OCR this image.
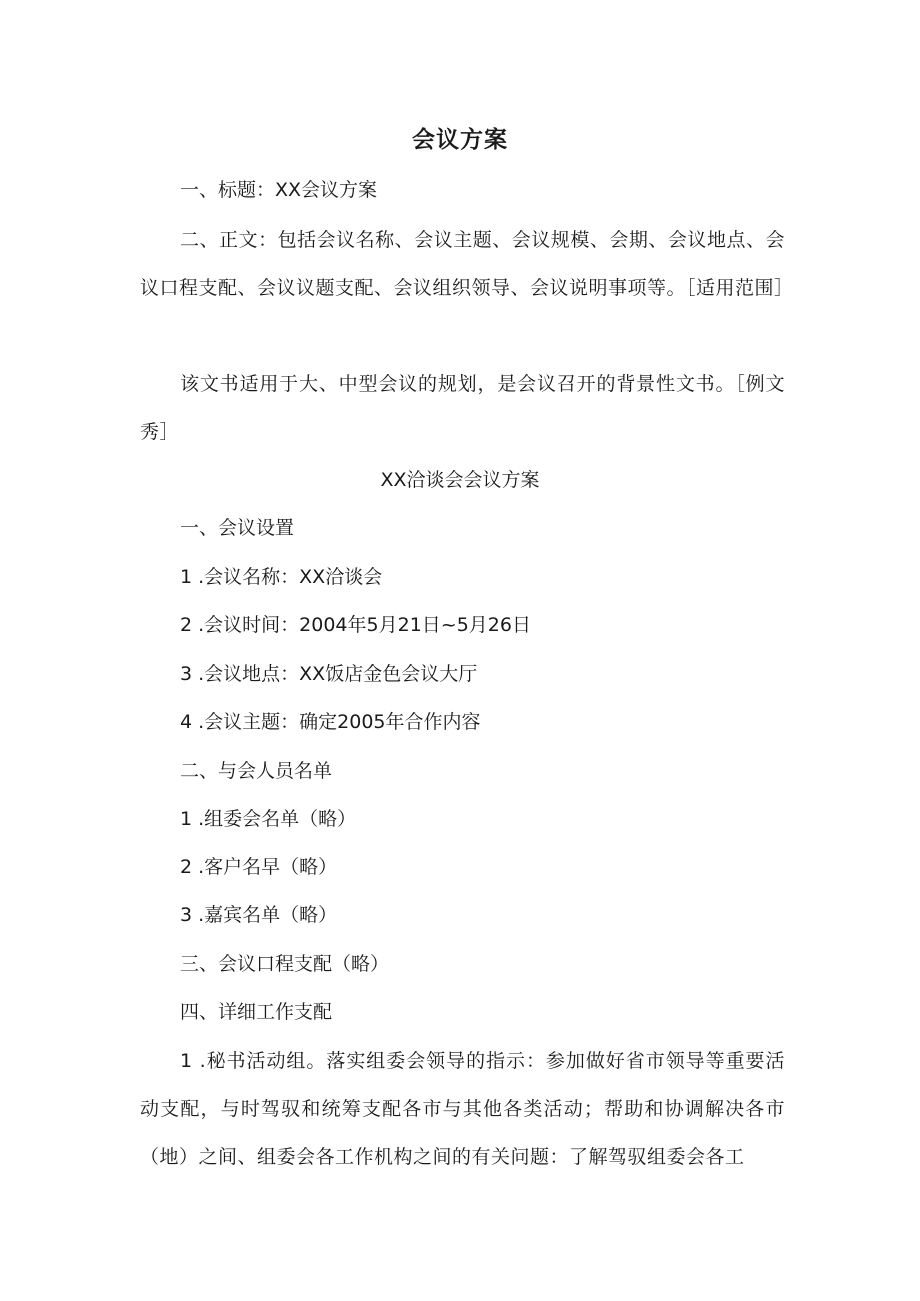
会议方案
一、标题：XX会议方案
二、正文：包括会议名称、会议主题、会议规模、会期、会议地点、会议口程支配、会议议题支配、会议组织领导、会议说明事项等。［适用范围］
该文书适用于大、中型会议的规划，是会议召开的背景性文书。［例文秀］
XX洽谈会会议方案
一、会议设置
1 .会议名称：XX洽谈会
2 .会议时间：2004年5月21日~5月26日
3 .会议地点：XX饭店金色会议大厅
4 .会议主题：确定2005年合作内容
二、与会人员名单
1 .组委会名单（略）
2 .客户名早（略）
3 .嘉宾名单（略）
三、会议口程支配（略）
四、详细工作支配
1 .秘书活动组。落实组委会领导的指示：参加做好省市领导等重要活动支配，与时驾驭和统筹支配各市与其他各类活动；帮助和协调解决各市（地）之间、组委会各工作机构之间的有关问题：了解驾驭组委会各工
